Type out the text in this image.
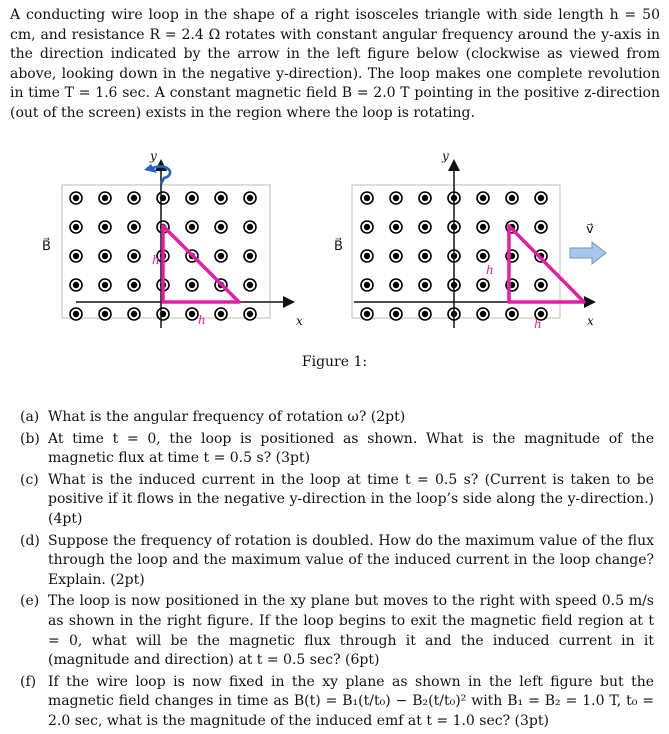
A conducting wire loop in the shape of a right isosceles triangle with side length h = 50 cm, and resistance R = 2.4 Ω rotates with constant angular frequency around the y-axis in the direction indicated by the arrow in the left figure below (clockwise as viewed from above, looking down in the negative y-direction). The loop makes one complete revolution in time T = 1.6 sec. A constant magnetic field B = 2.0 T pointing in the positive z-direction (out of the screen) exists in the region where the loop is rotating.

y
x
B⃗
h
h
y
x
B⃗
h
h
v⃗

Figure 1:

(a) What is the angular frequency of rotation ω? (2pt)
(b) At time t = 0, the loop is positioned as shown. What is the magnitude of the magnetic flux at time t = 0.5 s? (3pt)
(c) What is the induced current in the loop at time t = 0.5 s? (Current is taken to be positive if it flows in the negative y-direction in the loop’s side along the y-direction.) (4pt)
(d) Suppose the frequency of rotation is doubled. How do the maximum value of the flux through the loop and the maximum value of the induced current in the loop change? Explain. (2pt)
(e) The loop is now positioned in the xy plane but moves to the right with speed 0.5 m/s as shown in the right figure. If the loop begins to exit the magnetic field region at t = 0, what will be the magnetic flux through it and the induced current in it (magnitude and direction) at t = 0.5 sec? (6pt)
(f) If the wire loop is now fixed in the xy plane as shown in the left figure but the magnetic field changes in time as B(t) = B₁(t/t₀) − B₂(t/t₀)² with B₁ = B₂ = 1.0 T, t₀ = 2.0 sec, what is the magnitude of the induced emf at t = 1.0 sec? (3pt)
